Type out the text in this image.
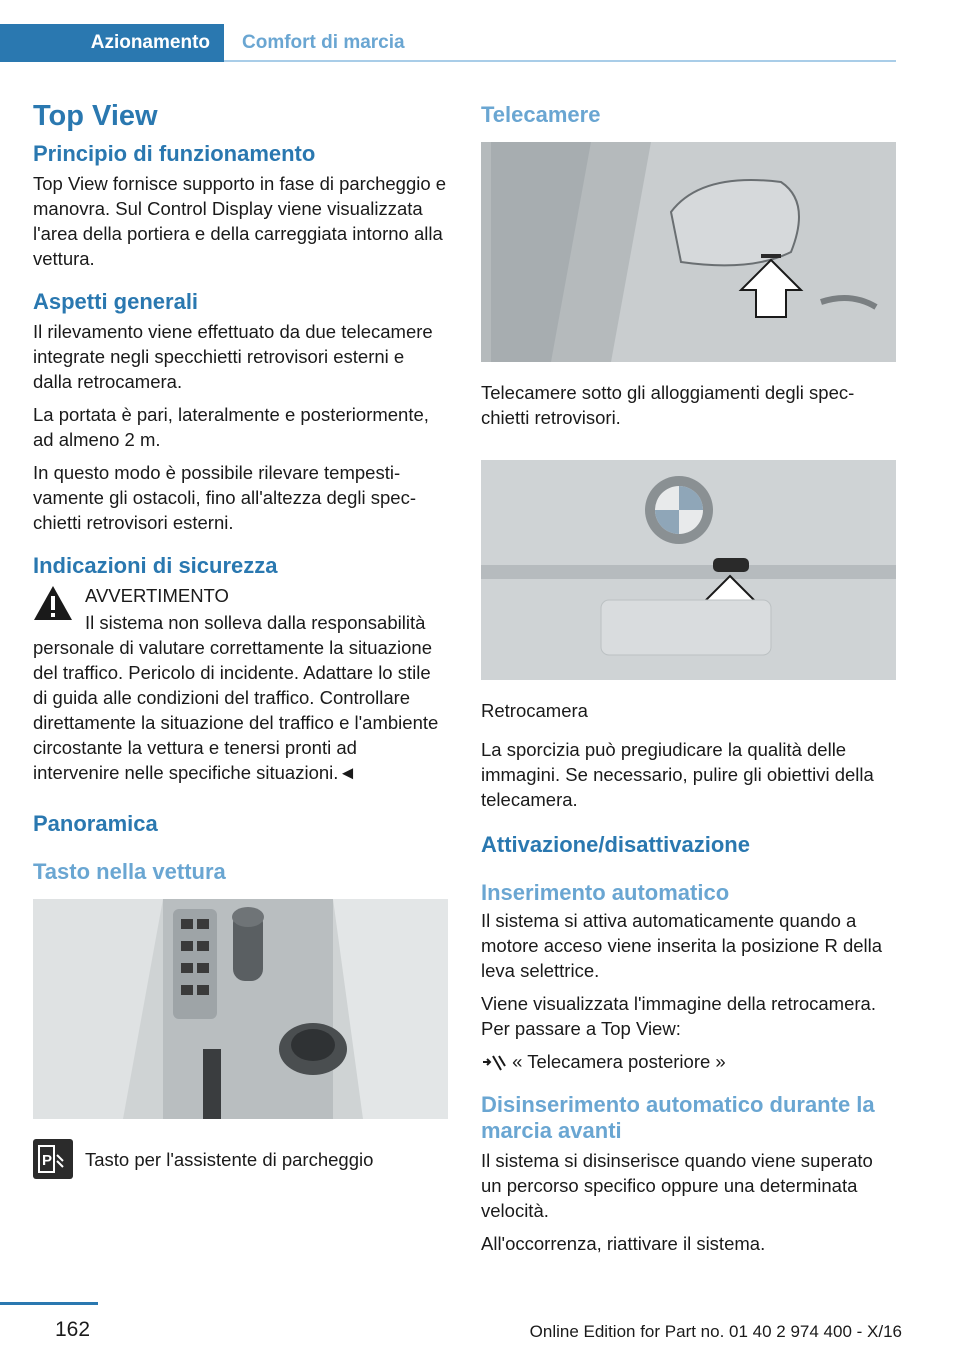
Azionamento	Comfort di marcia
Top View
Principio di funzionamento

Top View fornisce supporto in fase di parcheggio e manovra. Sul Control Display viene visualizzata l'area della portiera e della carreggiata intorno alla vettura.

Aspetti generali

Il rilevamento viene effettuato da due telecamere integrate negli specchietti retrovisori esterni e dalla retrocamera.

La portata è pari, lateralmente e posteriormente, ad almeno 2 m.

In questo modo è possibile rilevare tempestivamente gli ostacoli, fino all'altezza degli specchietti retrovisori esterni.

Indicazioni di sicurezza

AVVERTIMENTO

Il sistema non solleva dalla responsabilità

personale di valutare correttamente la situazione del traffico. Pericolo di incidente. Adattare lo stile di guida alle condizioni del traffico. Controllare direttamente la situazione del traffico e l'ambiente circostante la vettura e tenersi pronti ad intervenire nelle specifiche situazioni.◄

Panoramica
Tasto nella vettura
P Tasto per l'assistente di parcheggio

Telecamere

Telecamere sotto gli alloggiamenti degli specchietti retrovisori.

Retrocamera

La sporcizia può pregiudicare la qualità delle immagini. Se necessario, pulire gli obiettivi della telecamera.

Attivazione/disattivazione
Inserimento automatico

Il sistema si attiva automaticamente quando a motore acceso viene inserita la posizione R della leva selettrice.

Viene visualizzata l'immagine della retrocamera. Per passare a Top View:

« Telecamera posteriore »

Disinserimento automatico durante la marcia avanti

Il sistema si disinserisce quando viene superato un percorso specifico oppure una determinata velocità.

All'occorrenza, riattivare il sistema.

162	Online Edition for Part no. 01 40 2 974 400 - X/16
